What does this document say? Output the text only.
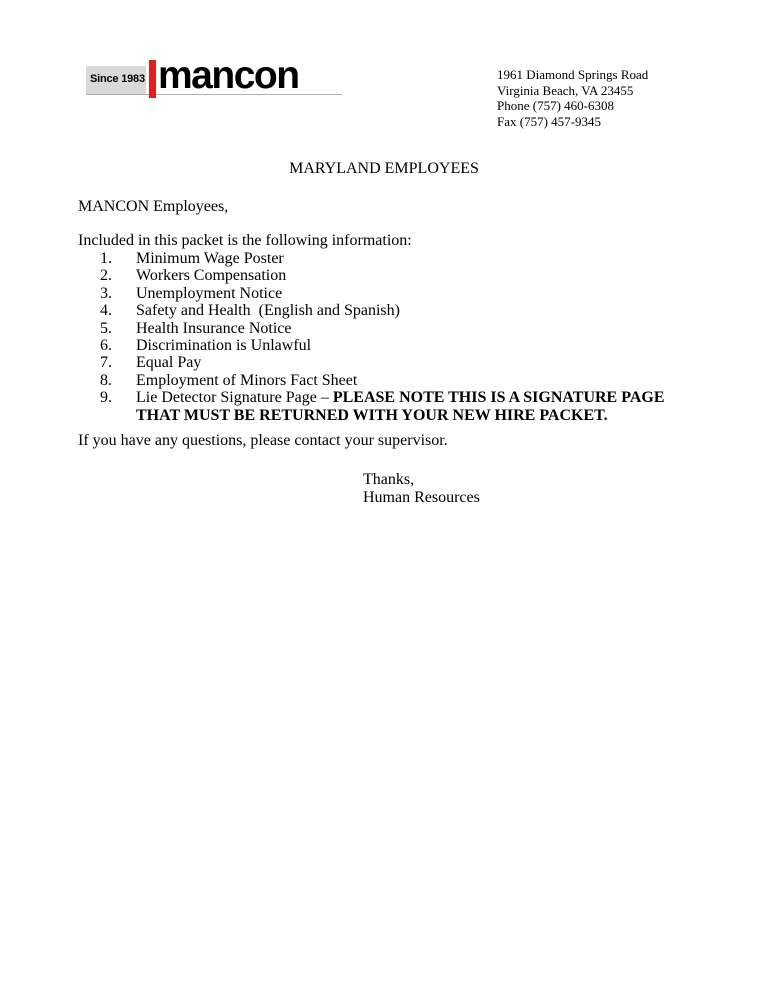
Since 1983 mancon	1961 Diamond Springs Road
Virginia Beach, VA 23455
Phone (757) 460-6308
Fax (757) 457-9345
MARYLAND EMPLOYEES
MANCON Employees,
Included in this packet is the following information:
1. Minimum Wage Poster
2. Workers Compensation
3. Unemployment Notice
4. Safety and Health  (English and Spanish)
5. Health Insurance Notice
6. Discrimination is Unlawful
7. Equal Pay
8. Employment of Minors Fact Sheet
9. Lie Detector Signature Page – PLEASE NOTE THIS IS A SIGNATURE PAGE
THAT MUST BE RETURNED WITH YOUR NEW HIRE PACKET.
If you have any questions, please contact your supervisor.
Thanks,
Human Resources
